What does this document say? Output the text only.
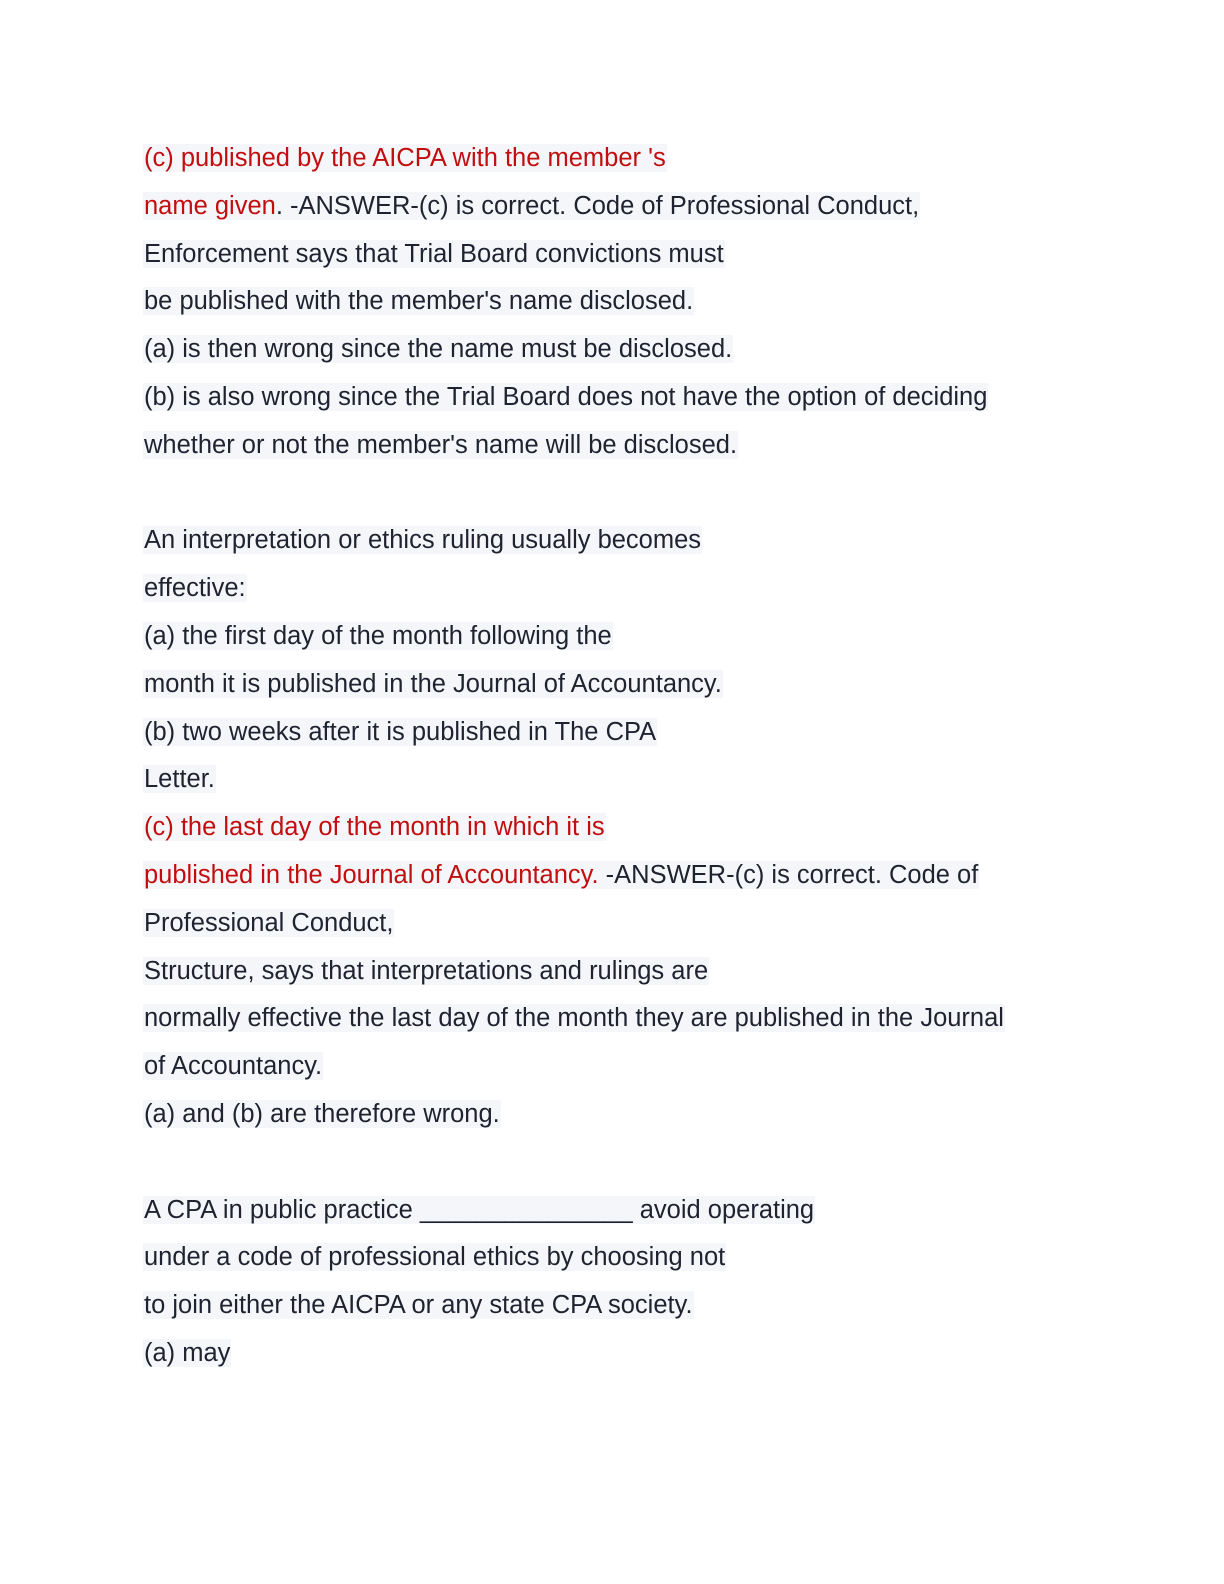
(c) published by the AICPA with the member 's
name given. -ANSWER-(c) is correct. Code of Professional Conduct,
Enforcement says that Trial Board convictions must
be published with the member's name disclosed.
(a) is then wrong since the name must be disclosed.
(b) is also wrong since the Trial Board does not have the option of deciding
whether or not the member's name will be disclosed.
An interpretation or ethics ruling usually becomes
effective:
(a) the first day of the month following the
month it is published in the Journal of Accountancy.
(b) two weeks after it is published in The CPA
Letter.
(c) the last day of the month in which it is
published in the Journal of Accountancy. -ANSWER-(c) is correct. Code of
Professional Conduct,
Structure, says that interpretations and rulings are
normally effective the last day of the month they are published in the Journal
of Accountancy.
(a) and (b) are therefore wrong.
A CPA in public practice _______________ avoid operating
under a code of professional ethics by choosing not
to join either the AICPA or any state CPA society.
(a) may
